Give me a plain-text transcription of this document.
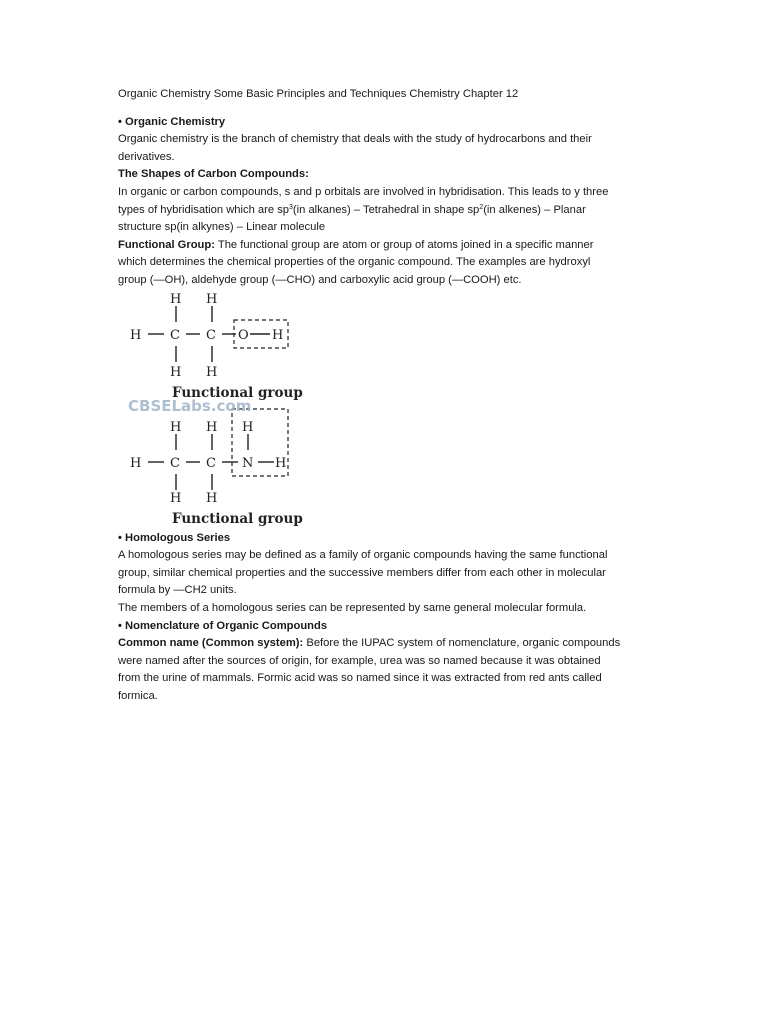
Organic Chemistry Some Basic Principles and Techniques Chemistry Chapter 12
• Organic Chemistry
Organic chemistry is the branch of chemistry that deals with the study of hydrocarbons and their
derivatives.
The Shapes of Carbon Compounds:
In organic or carbon compounds, s and p orbitals are involved in hybridisation. This leads to y three
types of hybridisation which are $sp^3(in$ alkanes) – Tetrahedral in shape $sp^2(in$ alkenes) – Planar
structure sp(in alkynes) – Linear molecule
Functional Group: The functional group are atom or group of atoms joined in a specific manner
which determines the chemical properties of the organic compound. The examples are hydroxyl
group (—OH), aldehyde group (—CHO) and carboxylic acid group (—COOH) etc.
CBSELabs.com
H H
H C C O H
H H
Functional group
H H H
H C C N H
H H
Functional group
• Homologous Series
A homologous series may be defined as a family of organic compounds having the same functional
group, similar chemical properties and the successive members differ from each other in molecular
formula by —CH2 units.
The members of a homologous series can be represented by same general molecular formula.
• Nomenclature of Organic Compounds
Common name (Common system): Before the IUPAC system of nomenclature, organic compounds
were named after the sources of origin, for example, urea was so named because it was obtained
from the urine of mammals. Formic acid was so named since it was extracted from red ants called
formica.
